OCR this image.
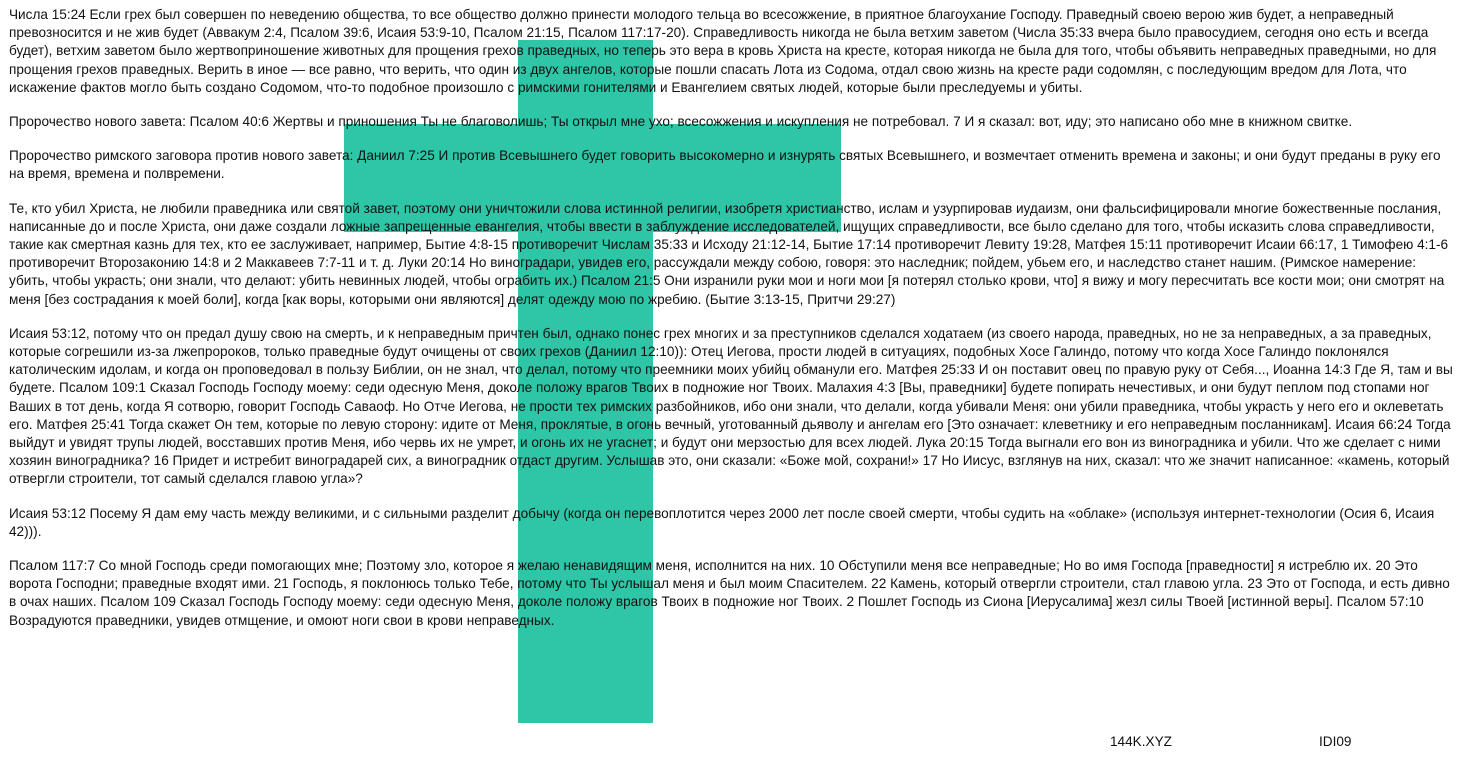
Числа 15:24 Если грех был совершен по неведению общества, то все общество должно принести молодого тельца во всесожжение, в приятное благоухание Господу. Праведный своею верою жив будет, а неправедный превозносится и не жив будет (Аввакум 2:4, Псалом 39:6, Исаия 53:9-10, Псалом 21:15, Псалом 117:17-20). Справедливость никогда не была ветхим заветом (Числа 35:33 вчера было правосудием, сегодня оно есть и всегда будет), ветхим заветом было жертвоприношение животных для прощения грехов праведных, но теперь это вера в кровь Христа на кресте, которая никогда не была для того, чтобы объявить неправедных праведными, но для прощения грехов праведных. Верить в иное — все равно, что верить, что один из двух ангелов, которые пошли спасать Лота из Содома, отдал свою жизнь на кресте ради содомлян, с последующим вредом для Лота, что искажение фактов могло быть создано Содомом, что-то подобное произошло с римскими гонителями и Евангелием святых людей, которые были преследуемы и убиты.

Пророчество нового завета: Псалом 40:6 Жертвы и приношения Ты не благоволишь; Ты открыл мне ухо; всесожжения и искупления не потребовал. 7 И я сказал: вот, иду; это написано обо мне в книжном свитке.

Пророчество римского заговора против нового завета: Даниил 7:25 И против Всевышнего будет говорить высокомерно и изнурять святых Всевышнего, и возмечтает отменить времена и законы; и они будут преданы в руку его на время, времена и полвремени.

Те, кто убил Христа, не любили праведника или святой завет, поэтому они уничтожили слова истинной религии, изобретя христианство, ислам и узурпировав иудаизм, они фальсифицировали многие божественные послания, написанные до и после Христа, они даже создали ложные запрещенные евангелия, чтобы ввести в заблуждение исследователей, ищущих справедливости, все было сделано для того, чтобы исказить слова справедливости, такие как смертная казнь для тех, кто ее заслуживает, например, Бытие 4:8-15 противоречит Числам 35:33 и Исходу 21:12-14, Бытие 17:14 противоречит Левиту 19:28, Матфея 15:11 противоречит Исаии 66:17, 1 Тимофею 4:1-6 противоречит Второзаконию 14:8 и 2 Маккавеев 7:7-11 и т. д. Луки 20:14 Но виноградари, увидев его, рассуждали между собою, говоря: это наследник; пойдем, убьем его, и наследство станет нашим. (Римское намерение: убить, чтобы украсть; они знали, что делают: убить невинных людей, чтобы ограбить их.) Псалом 21:5 Они изранили руки мои и ноги мои [я потерял столько крови, что] я вижу и могу пересчитать все кости мои; они смотрят на меня [без сострадания к моей боли], когда [как воры, которыми они являются] делят одежду мою по жребию. (Бытие 3:13-15, Притчи 29:27)

Исаия 53:12, потому что он предал душу свою на смерть, и к неправедным причтен был, однако понес грех многих и за преступников сделался ходатаем (из своего народа, праведных, но не за неправедных, а за праведных, которые согрешили из-за лжепророков, только праведные будут очищены от своих грехов (Даниил 12:10)): Отец Иегова, прости людей в ситуациях, подобных Хосе Галиндо, потому что когда Хосе Галиндо поклонялся католическим идолам, и когда он проповедовал в пользу Библии, он не знал, что делал, потому что преемники моих убийц обманули его. Матфея 25:33 И он поставит овец по правую руку от Себя..., Иоанна 14:3 Где Я, там и вы будете. Псалом 109:1 Сказал Господь Господу моему: седи одесную Меня, доколе положу врагов Твоих в подножие ног Твоих. Малахия 4:3 [Вы, праведники] будете попирать нечестивых, и они будут пеплом под стопами ног Ваших в тот день, когда Я сотворю, говорит Господь Саваоф. Но Отче Иегова, не прости тех римских разбойников, ибо они знали, что делали, когда убивали Меня: они убили праведника, чтобы украсть у него его и оклеветать его. Матфея 25:41 Тогда скажет Он тем, которые по левую сторону: идите от Меня, проклятые, в огонь вечный, уготованный дьяволу и ангелам его [Это означает: клеветнику и его неправедным посланникам]. Исаия 66:24 Тогда выйдут и увидят трупы людей, восставших против Меня, ибо червь их не умрет, и огонь их не угаснет; и будут они мерзостью для всех людей. Лука 20:15 Тогда выгнали его вон из виноградника и убили. Что же сделает с ними хозяин виноградника? 16 Придет и истребит виноградарей сих, а виноградник отдаст другим. Услышав это, они сказали: «Боже мой, сохрани!» 17 Но Иисус, взглянув на них, сказал: что же значит написанное: «камень, который отвергли строители, тот самый сделался главою угла»?

Исаия 53:12 Посему Я дам ему часть между великими, и с сильными разделит добычу (когда он перевоплотится через 2000 лет после своей смерти, чтобы судить на «облаке» (используя интернет-технологии (Осия 6, Исаия 42))).

Псалом 117:7 Со мной Господь среди помогающих мне; Поэтому зло, которое я желаю ненавидящим меня, исполнится на них. 10 Обступили меня все неправедные; Но во имя Господа [праведности] я истреблю их. 20 Это ворота Господни; праведные входят ими. 21 Господь, я поклонюсь только Тебе, потому что Ты услышал меня и был моим Спасителем. 22 Камень, который отвергли строители, стал главою угла. 23 Это от Господа, и есть дивно в очах наших. Псалом 109 Сказал Господь Господу моему: седи одесную Меня, доколе положу врагов Твоих в подножие ног Твоих. 2 Пошлет Господь из Сиона [Иерусалима] жезл силы Твоей [истинной веры]. Псалом 57:10 Возрадуются праведники, увидев отмщение, и омоют ноги свои в крови неправедных.

144K.XYZ	IDI09
